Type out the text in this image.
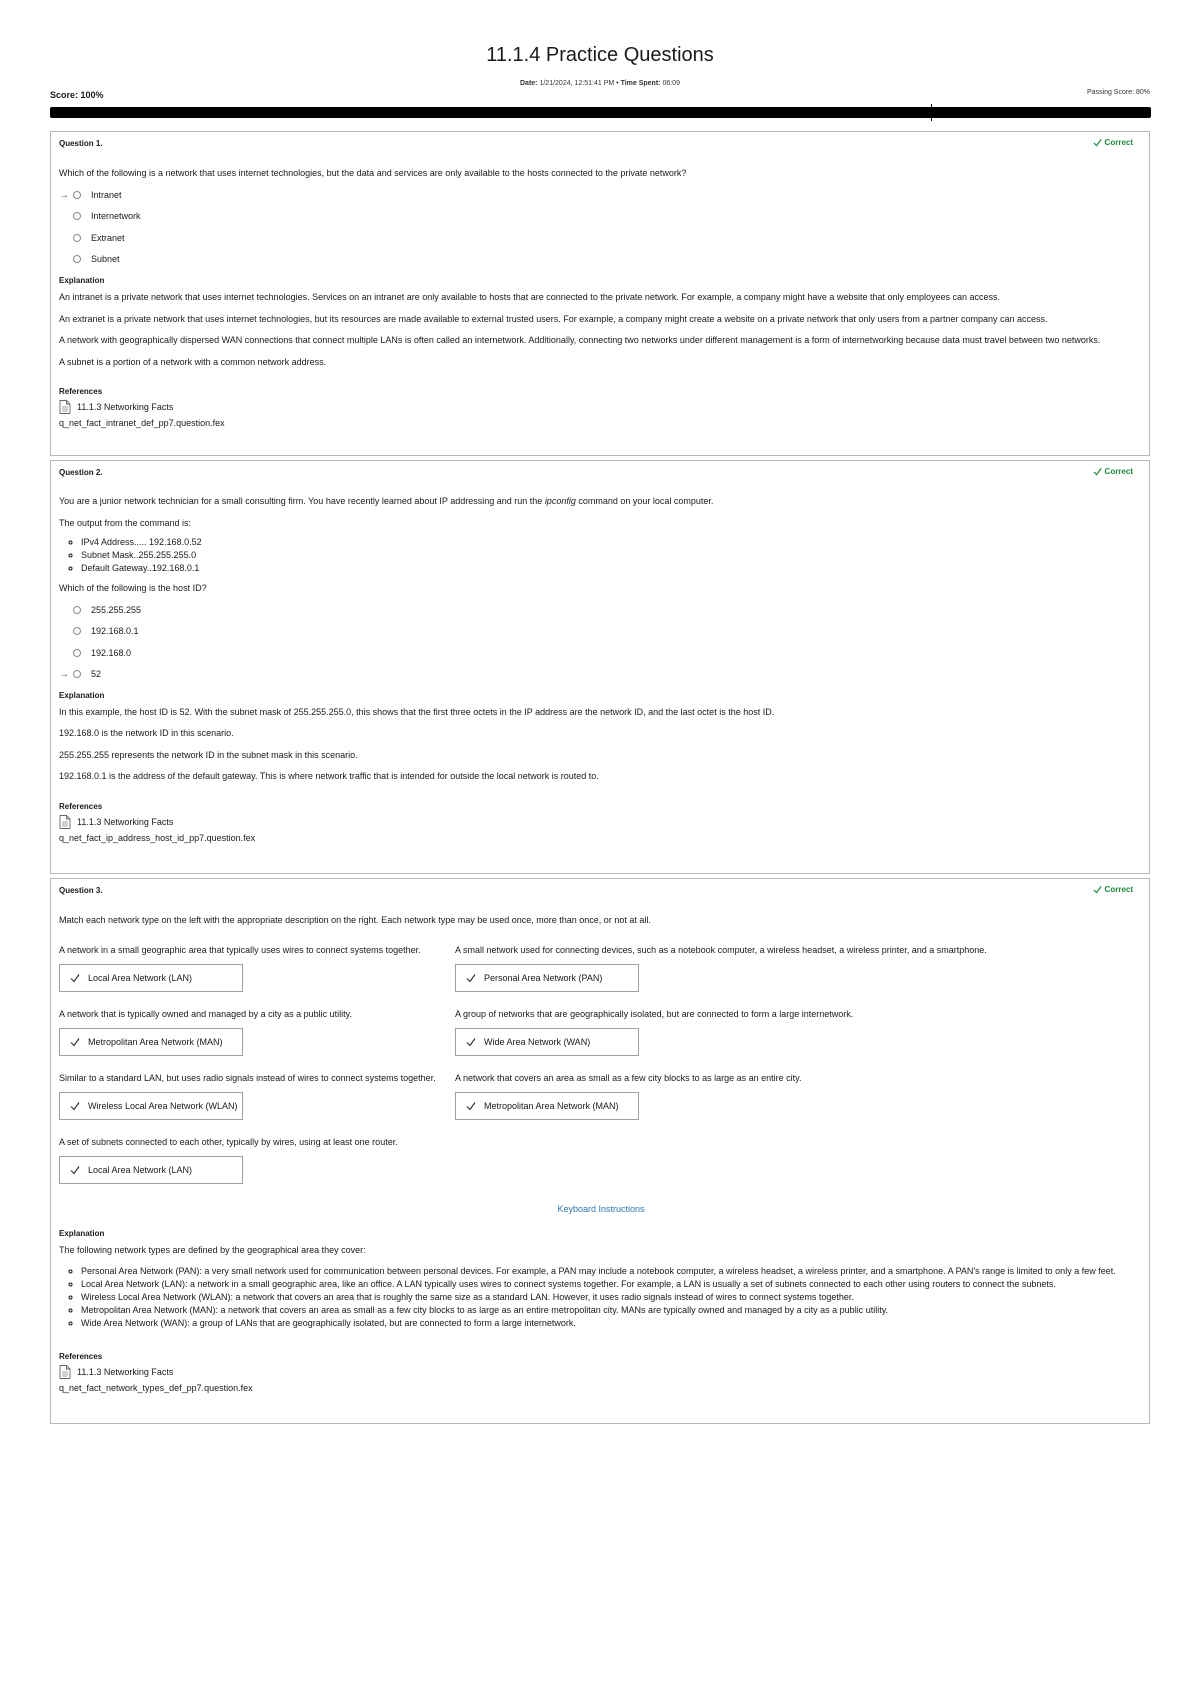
11.1.4 Practice Questions
Date: 1/21/2024, 12:51:41 PM • Time Spent: 06:09
Score: 100%	Passing Score: 80%
Question 1.	Correct
Which of the following is a network that uses internet technologies, but the data and services are only available to the hosts connected to the private network?
→	Intranet
Internetwork
Extranet
Subnet
Explanation
An intranet is a private network that uses internet technologies. Services on an intranet are only available to hosts that are connected to the private network. For example, a company might have a website that only employees can access.
An extranet is a private network that uses internet technologies, but its resources are made available to external trusted users. For example, a company might create a website on a private network that only users from a partner company can access.
A network with geographically dispersed WAN connections that connect multiple LANs is often called an internetwork. Additionally, connecting two networks under different management is a form of internetworking because data must travel between two networks.
A subnet is a portion of a network with a common network address.
References
11.1.3 Networking Facts
q_net_fact_intranet_def_pp7.question.fex
Question 2.	Correct
You are a junior network technician for a small consulting firm. You have recently learned about IP addressing and run the ipconfig command on your local computer.
The output from the command is:
◦ IPv4 Address..... 192.168.0.52
◦ Subnet Mask..255.255.255.0
◦ Default Gateway..192.168.0.1
Which of the following is the host ID?
255.255.255
192.168.0.1
192.168.0
→	52
Explanation
In this example, the host ID is 52. With the subnet mask of 255.255.255.0, this shows that the first three octets in the IP address are the network ID, and the last octet is the host ID.
192.168.0 is the network ID in this scenario.
255.255.255 represents the network ID in the subnet mask in this scenario.
192.168.0.1 is the address of the default gateway. This is where network traffic that is intended for outside the local network is routed to.
References
11.1.3 Networking Facts
q_net_fact_ip_address_host_id_pp7.question.fex
Question 3.	Correct
Match each network type on the left with the appropriate description on the right. Each network type may be used once, more than once, or not at all.
A network in a small geographic area that typically uses wires to connect systems together.
Local Area Network (LAN)
A small network used for connecting devices, such as a notebook computer, a wireless headset, a wireless printer, and a smartphone.
Personal Area Network (PAN)
A network that is typically owned and managed by a city as a public utility.
Metropolitan Area Network (MAN)
A group of networks that are geographically isolated, but are connected to form a large internetwork.
Wide Area Network (WAN)
Similar to a standard LAN, but uses radio signals instead of wires to connect systems together.
Wireless Local Area Network (WLAN)
A network that covers an area as small as a few city blocks to as large as an entire city.
Metropolitan Area Network (MAN)
A set of subnets connected to each other, typically by wires, using at least one router.
Local Area Network (LAN)
Keyboard Instructions
Explanation
The following network types are defined by the geographical area they cover:
◦ Personal Area Network (PAN): a very small network used for communication between personal devices. For example, a PAN may include a notebook computer, a wireless headset, a wireless printer, and a smartphone. A PAN's range is limited to only a few feet.
◦ Local Area Network (LAN): a network in a small geographic area, like an office. A LAN typically uses wires to connect systems together. For example, a LAN is usually a set of subnets connected to each other using routers to connect the subnets.
◦ Wireless Local Area Network (WLAN): a network that covers an area that is roughly the same size as a standard LAN. However, it uses radio signals instead of wires to connect systems together.
◦ Metropolitan Area Network (MAN): a network that covers an area as small as a few city blocks to as large as an entire metropolitan city. MANs are typically owned and managed by a city as a public utility.
◦ Wide Area Network (WAN): a group of LANs that are geographically isolated, but are connected to form a large internetwork.
References
11.1.3 Networking Facts
q_net_fact_network_types_def_pp7.question.fex
